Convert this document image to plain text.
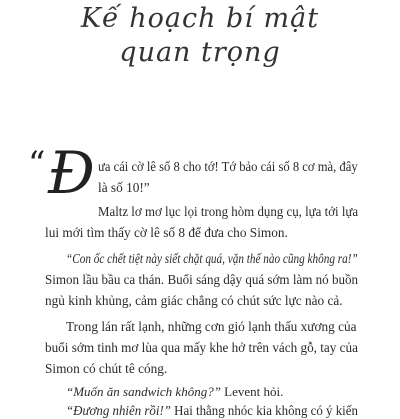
Kế hoạch bí mật
quan trọng
“ Đ ưa cái cờ lê số 8 cho tớ! Tớ bảo cái số 8 cơ mà, đây
là số 10!”
Maltz lơ mơ lục lọi trong hòm dụng cụ, lựa tới lựa
lui mới tìm thấy cờ lê số 8 để đưa cho Simon.
“Con ốc chết tiệt này siết chặt quá, vặn thế nào cũng không ra!”
Simon lầu bầu ca thán. Buổi sáng dậy quá sớm làm nó buồn
ngủ kinh khủng, cảm giác chẳng có chút sức lực nào cả.
Trong lán rất lạnh, những cơn gió lạnh thấu xương của
buổi sớm tinh mơ lùa qua mấy khe hở trên vách gỗ, tay của
Simon có chút tê cóng.
“Muốn ăn sandwich không?” Levent hỏi.
“Đương nhiên rồi!” Hai thằng nhóc kia không có ý kiến
